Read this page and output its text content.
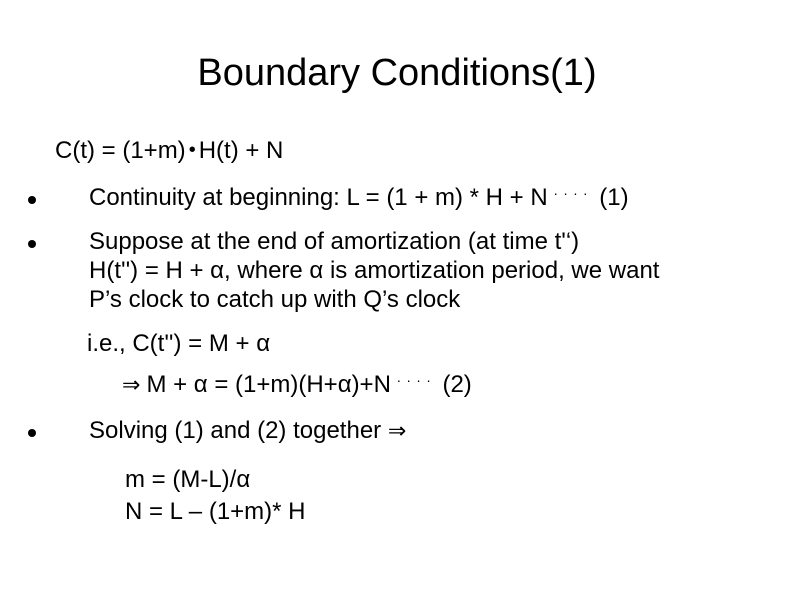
Boundary Conditions(1)
C(t) = (1+m) • H(t) + N
Continuity at beginning: L = (1 + m) * H + N .... (1)
Suppose at the end of amortization (at time t'‘)
H(t'') = H + α, where α is amortization period, we want
P’s clock to catch up with Q’s clock
i.e., C(t'') = M + α
⇒ M + α = (1+m)(H+α)+N .... (2)
Solving (1) and (2) together ⇒
m = (M-L)/α
N = L – (1+m)* H
